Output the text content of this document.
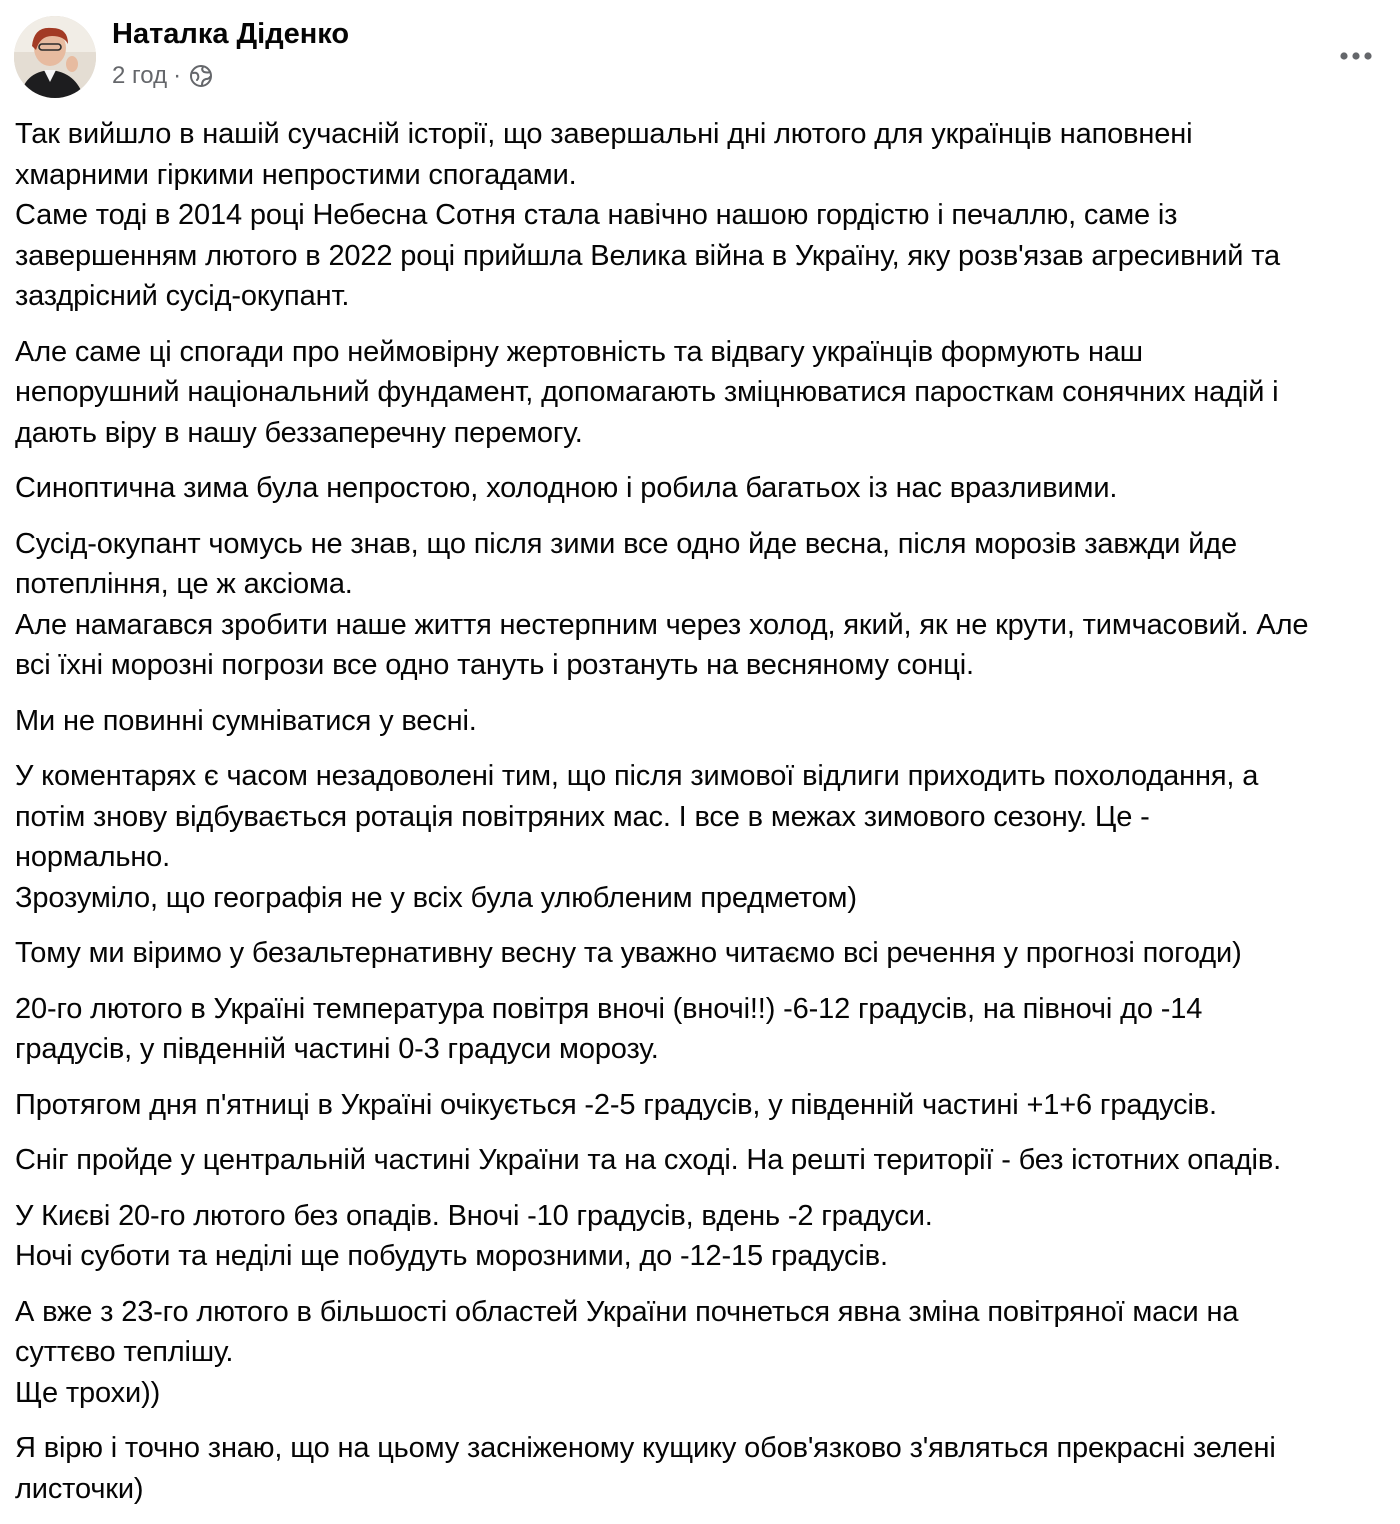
Наталка Діденко
2 год ·

Так вийшло в нашій сучасній історії, що завершальні дні лютого для українців наповнені
хмарними гіркими непростими спогадами.
Саме тоді в 2014 році Небесна Сотня стала навічно нашою гордістю і печаллю, саме із
завершенням лютого в 2022 році прийшла Велика війна в Україну, яку розв'язав агресивний та
заздрісний сусід-окупант.

Але саме ці спогади про неймовірну жертовність та відвагу українців формують наш
непорушний національний фундамент, допомагають зміцнюватися паросткам сонячних надій і
дають віру в нашу беззаперечну перемогу.

Синоптична зима була непростою, холодною і робила багатьох із нас вразливими.

Сусід-окупант чомусь не знав, що після зими все одно йде весна, після морозів завжди йде
потепління, це ж аксіома.
Але намагався зробити наше життя нестерпним через холод, який, як не крути, тимчасовий. Але
всі їхні морозні погрози все одно тануть і розтануть на весняному сонці.

Ми не повинні сумніватися у весні.

У коментарях є часом незадоволені тим, що після зимової відлиги приходить похолодання, а
потім знову відбувається ротація повітряних мас. І все в межах зимового сезону. Це -
нормально.
Зрозуміло, що географія не у всіх була улюбленим предметом)

Тому ми віримо у безальтернативну весну та уважно читаємо всі речення у прогнозі погоди)

20-го лютого в Україні температура повітря вночі (вночі!!) -6-12 градусів, на півночі до -14
градусів, у південній частині 0-3 градуси морозу.

Протягом дня п'ятниці в Україні очікується -2-5 градусів, у південній частині +1+6 градусів.

Сніг пройде у центральній частині України та на сході. На решті території - без істотних опадів.

У Києві 20-го лютого без опадів. Вночі -10 градусів, вдень -2 градуси.
Ночі суботи та неділі ще побудуть морозними, до -12-15 градусів.

А вже з 23-го лютого в більшості областей України почнеться явна зміна повітряної маси на
суттєво теплішу.
Ще трохи))

Я вірю і точно знаю, що на цьому засніженому кущику обов'язково з'являться прекрасні зелені
листочки)
